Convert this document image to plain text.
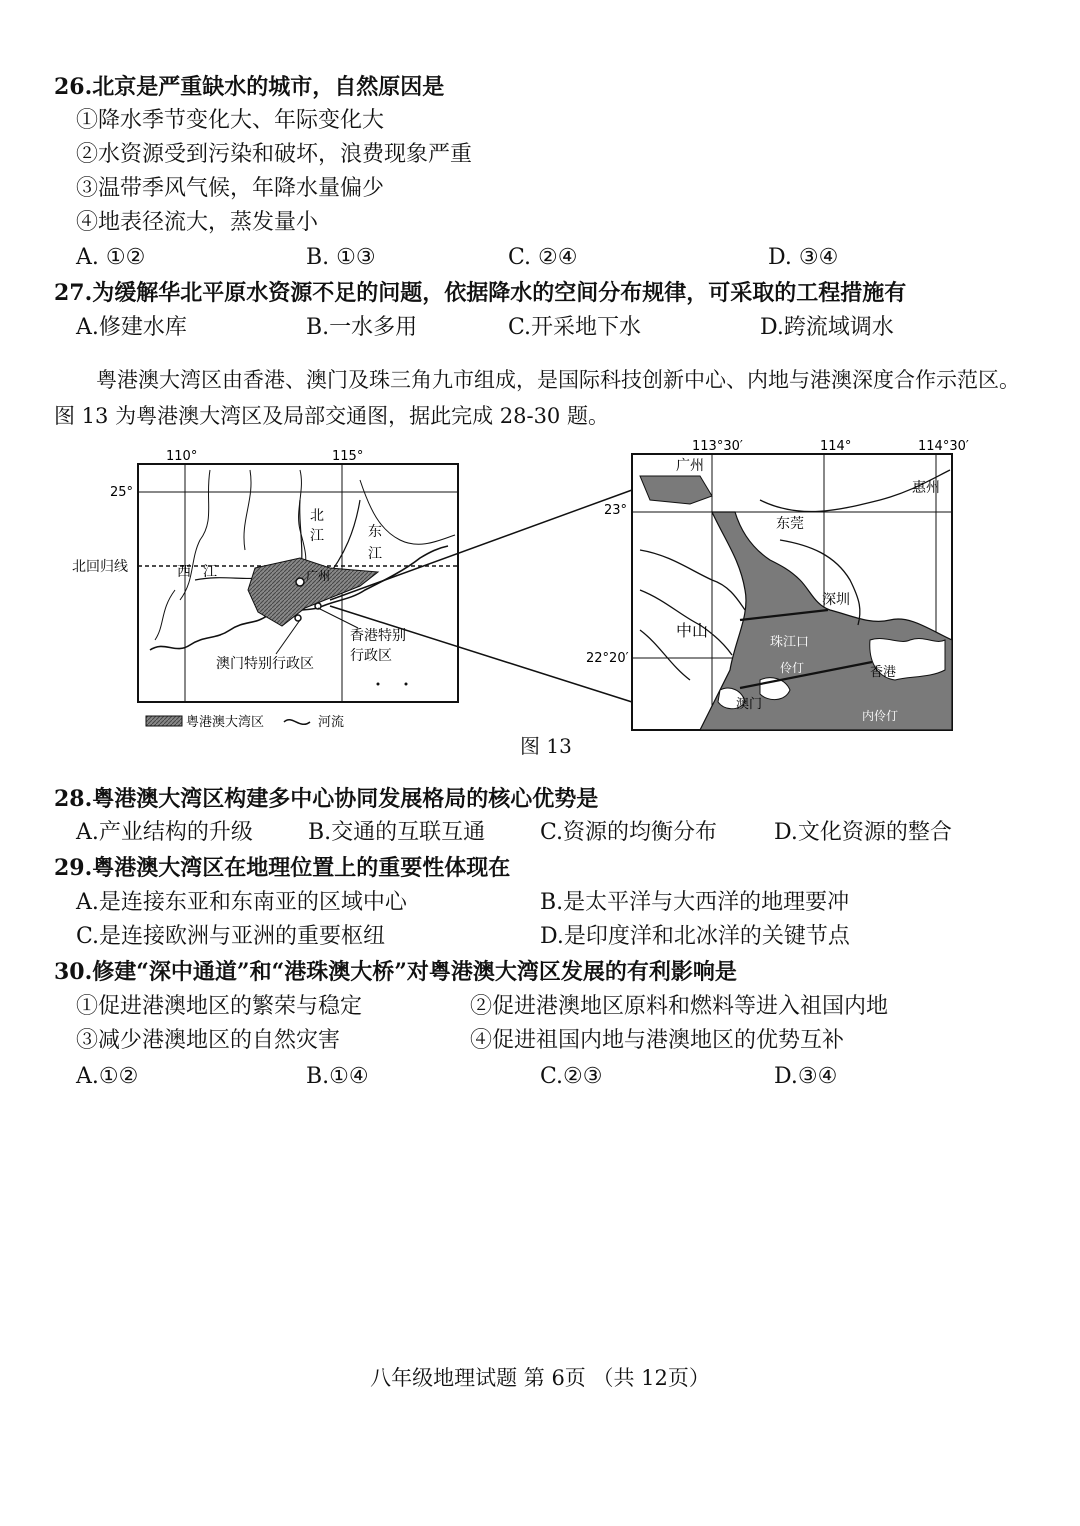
26.北京是严重缺水的城市，自然原因是
①降水季节变化大、年际变化大
②水资源受到污染和破坏，浪费现象严重
③温带季风气候，年降水量偏少
④地表径流大，蒸发量小
A. ①②	B. ①③	C. ②④	D. ③④
27.为缓解华北平原水资源不足的问题，依据降水的空间分布规律，可采取的工程措施有
A.修建水库	B.一水多用	C.开采地下水	D.跨流域调水
粤港澳大湾区由香港、澳门及珠三角九市组成，是国际科技创新中心、内地与港澳深度合作示范区。图 13 为粤港澳大湾区及局部交通图，据此完成 28-30 题。
110°	115°
25°
北回归线
北
江	东
江
西 江	广州
澳门特别行政区
香港特别
行政区
粤港澳大湾区	河流
113°30′	114°	114°30′
23°
22°20′
广州
东莞
惠州
深圳
中山
珠江口
香港
澳门
伶仃
内伶仃
图 13
28.粤港澳大湾区构建多中心协同发展格局的核心优势是
A.产业结构的升级	B.交通的互联互通 C.资源的均衡分布	D.文化资源的整合
29.粤港澳大湾区在地理位置上的重要性体现在
A.是连接东亚和东南亚的区域中心	B.是太平洋与大西洋的地理要冲
C.是连接欧洲与亚洲的重要枢纽	D.是印度洋和北冰洋的关键节点
30.修建“深中通道”和“港珠澳大桥”对粤港澳大湾区发展的有利影响是
①促进港澳地区的繁荣与稳定	②促进港澳地区原料和燃料等进入祖国内地
③减少港澳地区的自然灾害	④促进祖国内地与港澳地区的优势互补
A.①②	B.①④	C.②③	D.③④
八年级地理试题 第 6页 （共 12页）
